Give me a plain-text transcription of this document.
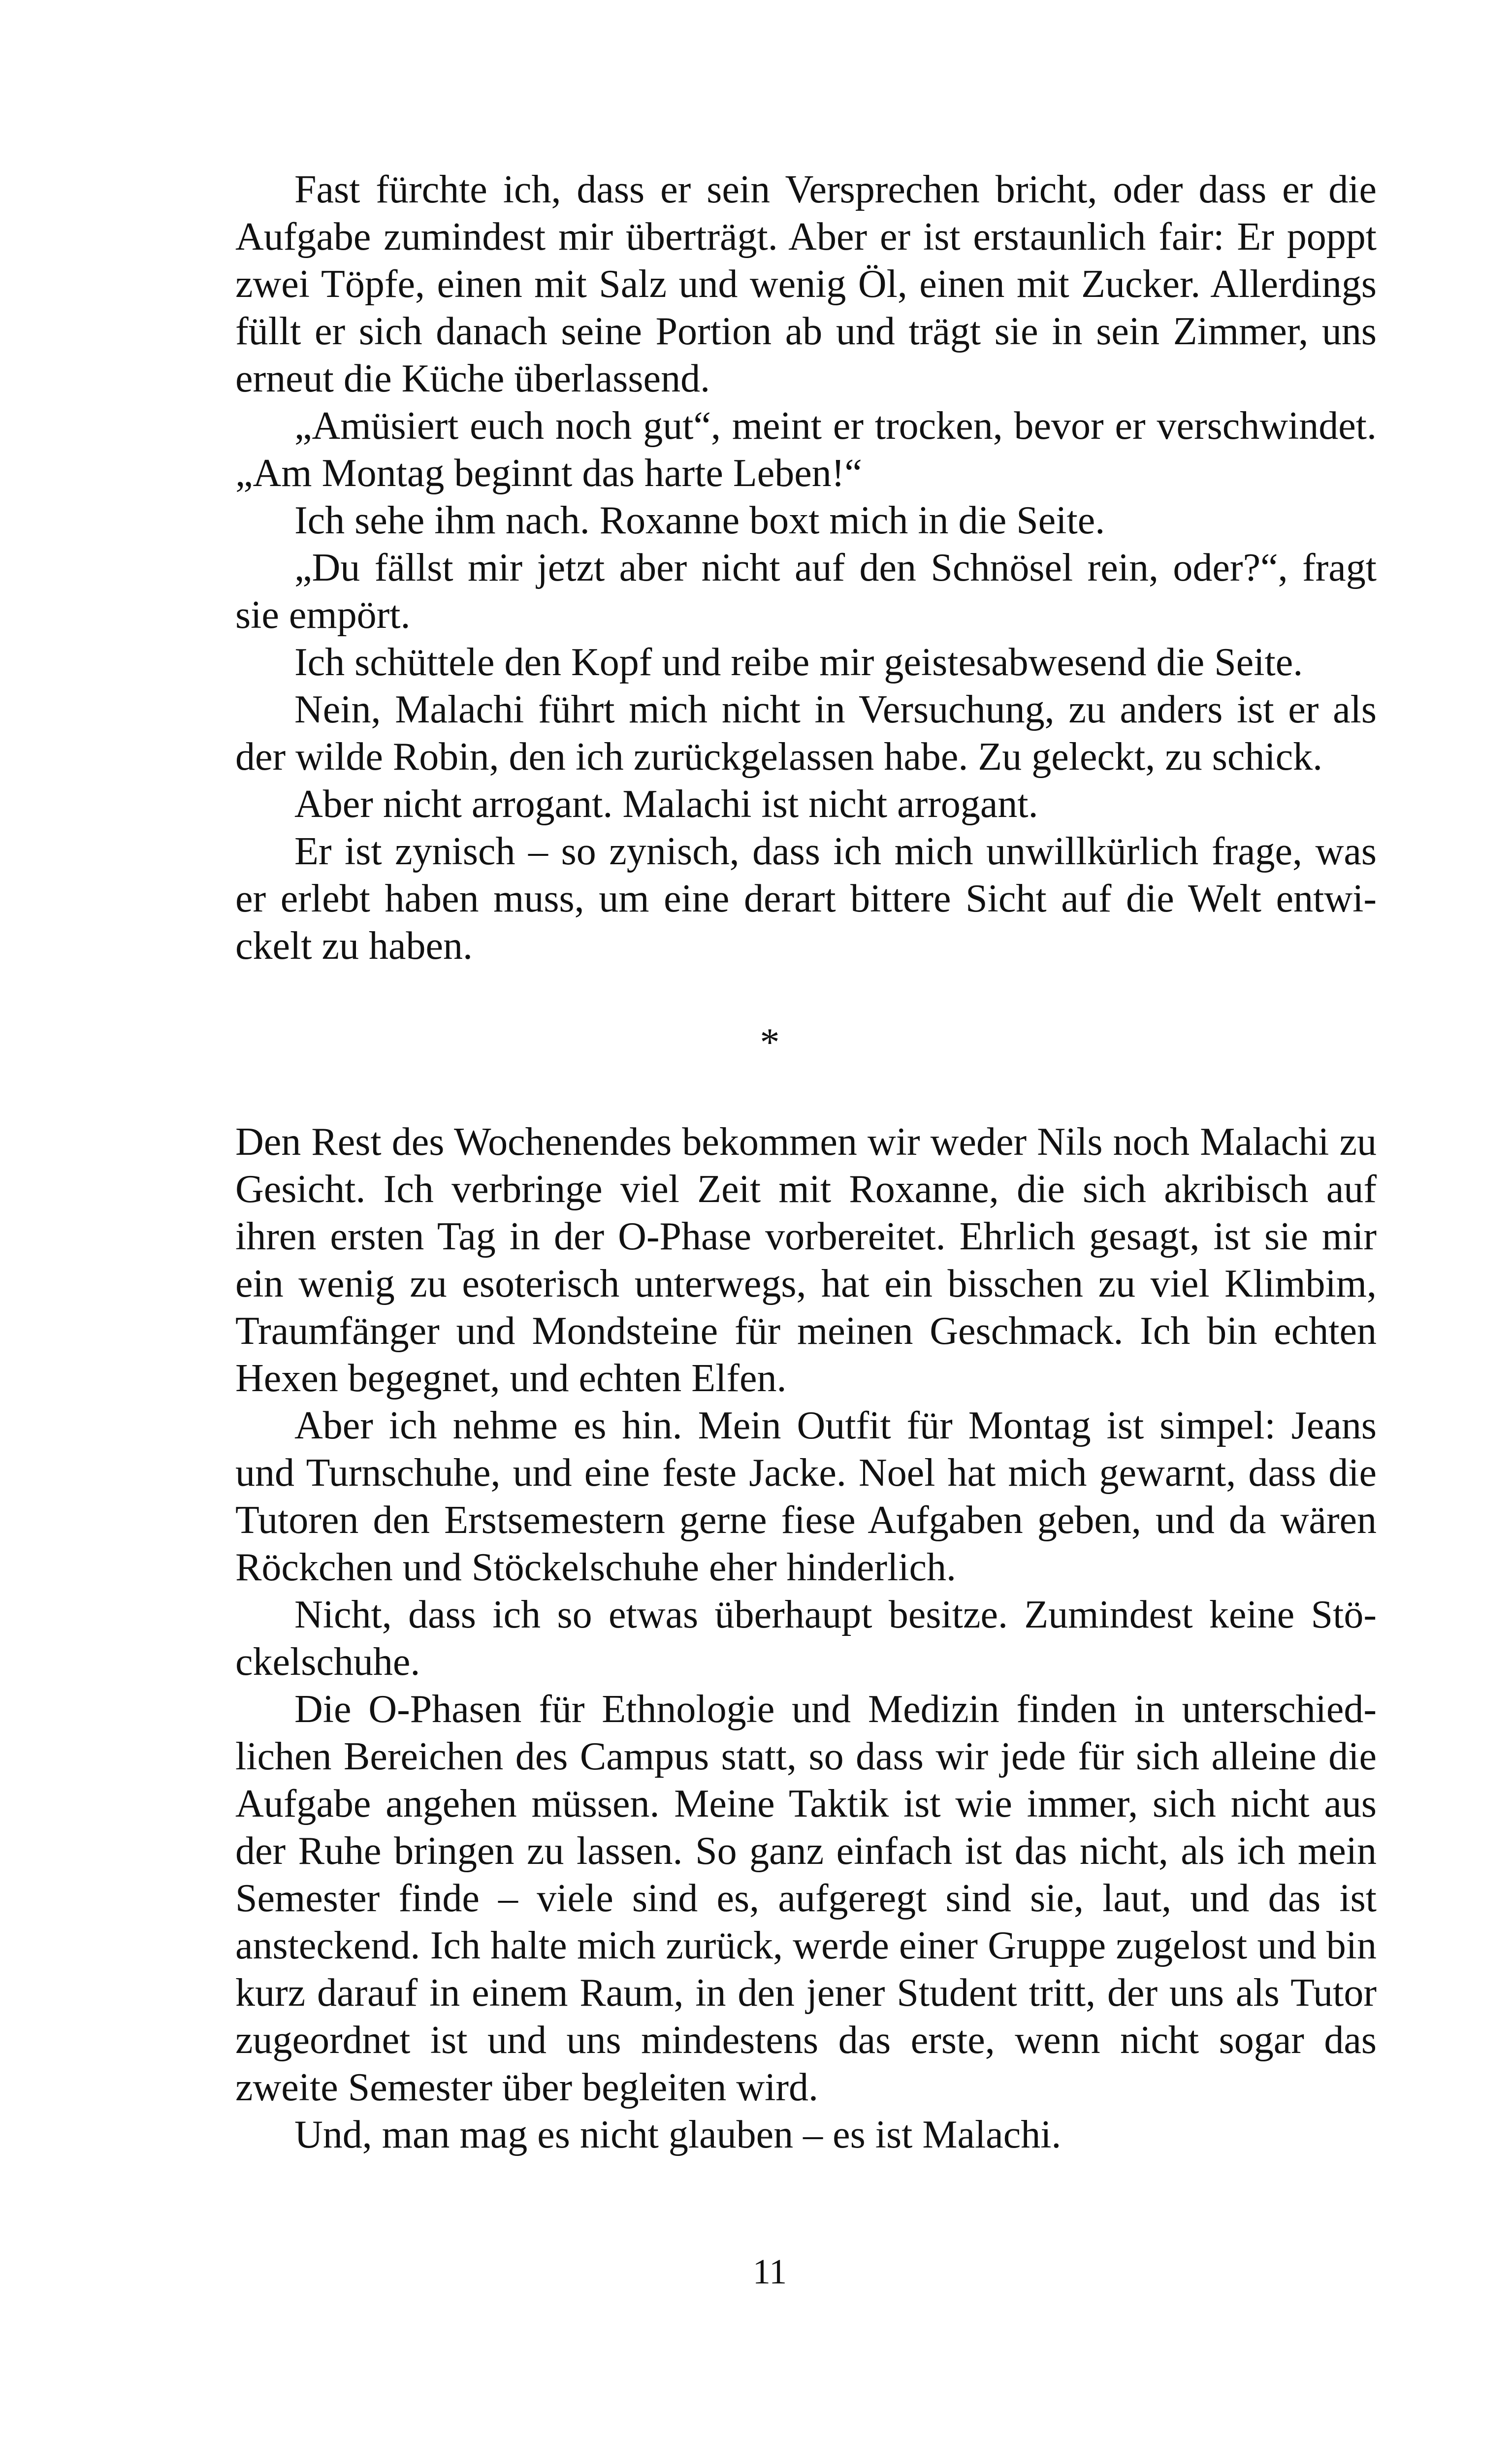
Fast fürchte ich, dass er sein Versprechen bricht, oder dass er die Aufgabe zumindest mir überträgt. Aber er ist erstaunlich fair: Er poppt zwei Töpfe, einen mit Salz und wenig Öl, einen mit Zucker. Allerdings füllt er sich danach seine Portion ab und trägt sie in sein Zimmer, uns erneut die Küche überlassend.

„Amüsiert euch noch gut“, meint er trocken, bevor er verschwindet. „Am Montag beginnt das harte Leben!“

Ich sehe ihm nach. Roxanne boxt mich in die Seite.

„Du fällst mir jetzt aber nicht auf den Schnösel rein, oder?“, fragt sie empört.

Ich schüttele den Kopf und reibe mir geistesabwesend die Seite.

Nein, Malachi führt mich nicht in Versuchung, zu anders ist er als der wilde Robin, den ich zurückgelassen habe. Zu geleckt, zu schick.

Aber nicht arrogant. Malachi ist nicht arrogant.

Er ist zynisch – so zynisch, dass ich mich unwillkürlich frage, was er erlebt haben muss, um eine derart bittere Sicht auf die Welt entwickelt zu haben.

*

Den Rest des Wochenendes bekommen wir weder Nils noch Malachi zu Gesicht. Ich verbringe viel Zeit mit Roxanne, die sich akribisch auf ihren ersten Tag in der O-Phase vorbereitet. Ehrlich gesagt, ist sie mir ein wenig zu esoterisch unterwegs, hat ein bisschen zu viel Klimbim, Traumfänger und Mondsteine für meinen Geschmack. Ich bin echten Hexen begegnet, und echten Elfen.

Aber ich nehme es hin. Mein Outfit für Montag ist simpel: Jeans und Turnschuhe, und eine feste Jacke. Noel hat mich gewarnt, dass die Tutoren den Erstsemestern gerne fiese Aufgaben geben, und da wären Röckchen und Stöckelschuhe eher hinderlich.

Nicht, dass ich so etwas überhaupt besitze. Zumindest keine Stöckelschuhe.

Die O-Phasen für Ethnologie und Medizin finden in unterschiedlichen Bereichen des Campus statt, so dass wir jede für sich alleine die Aufgabe angehen müssen. Meine Taktik ist wie immer, sich nicht aus der Ruhe bringen zu lassen. So ganz einfach ist das nicht, als ich mein Semester finde – viele sind es, aufgeregt sind sie, laut, und das ist ansteckend. Ich halte mich zurück, werde einer Gruppe zugelost und bin kurz darauf in einem Raum, in den jener Student tritt, der uns als Tutor zugeordnet ist und uns mindestens das erste, wenn nicht sogar das zweite Semester über begleiten wird.

Und, man mag es nicht glauben – es ist Malachi.

11
